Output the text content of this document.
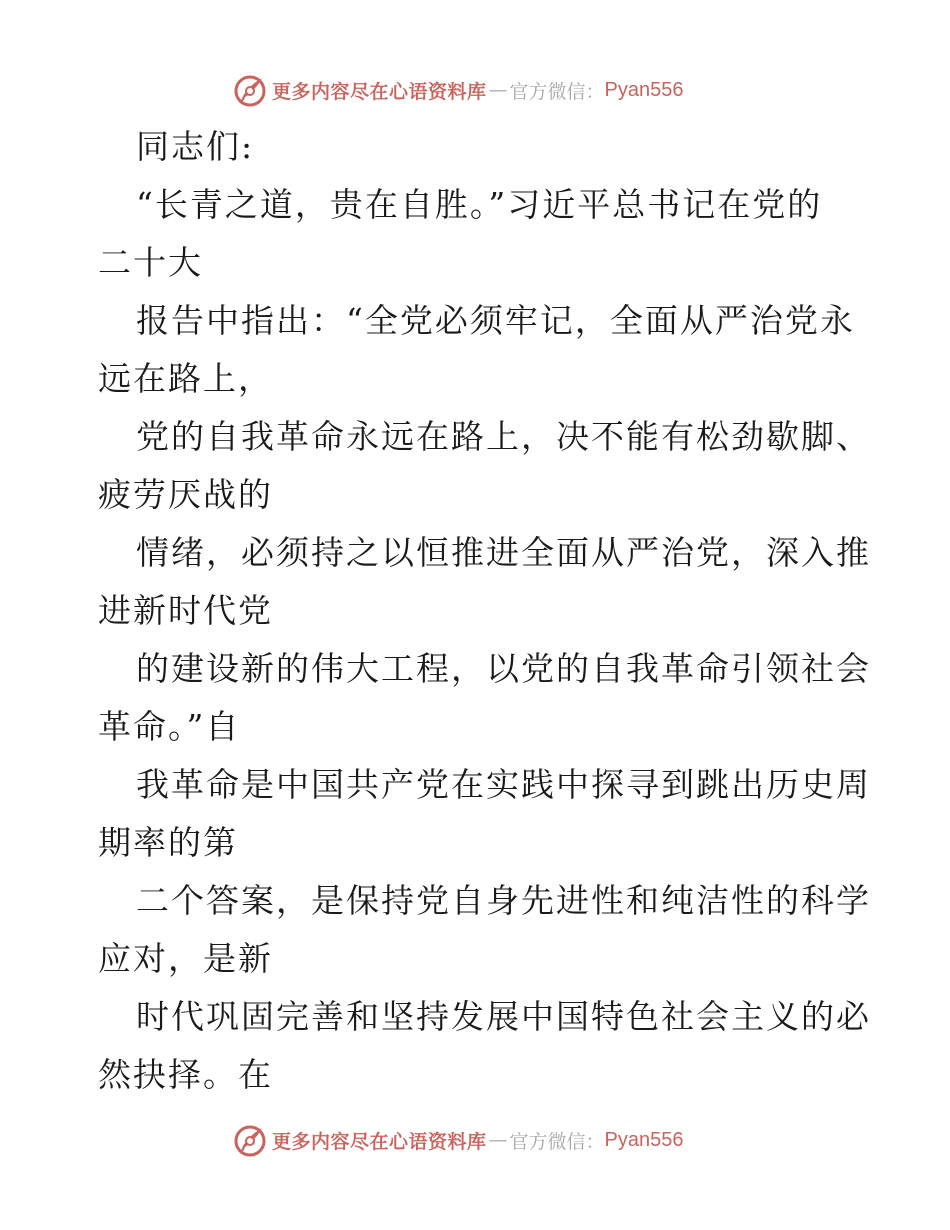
更多内容尽在心语资料库 — 官方微信： Pyan556
同志们:
“长青之道，贵在自胜。”习近平总书记在党的
二十大
报告中指出：“全党必须牢记，全面从严治党永
远在路上，
党的自我革命永远在路上，决不能有松劲歇脚、
疲劳厌战的
情绪，必须持之以恒推进全面从严治党，深入推
进新时代党
的建设新的伟大工程，以党的自我革命引领社会
革命。”自
我革命是中国共产党在实践中探寻到跳出历史周
期率的第
二个答案，是保持党自身先进性和纯洁性的科学
应对，是新
时代巩固完善和坚持发展中国特色社会主义的必
然抉择。在
更多内容尽在心语资料库 — 官方微信： Pyan556
